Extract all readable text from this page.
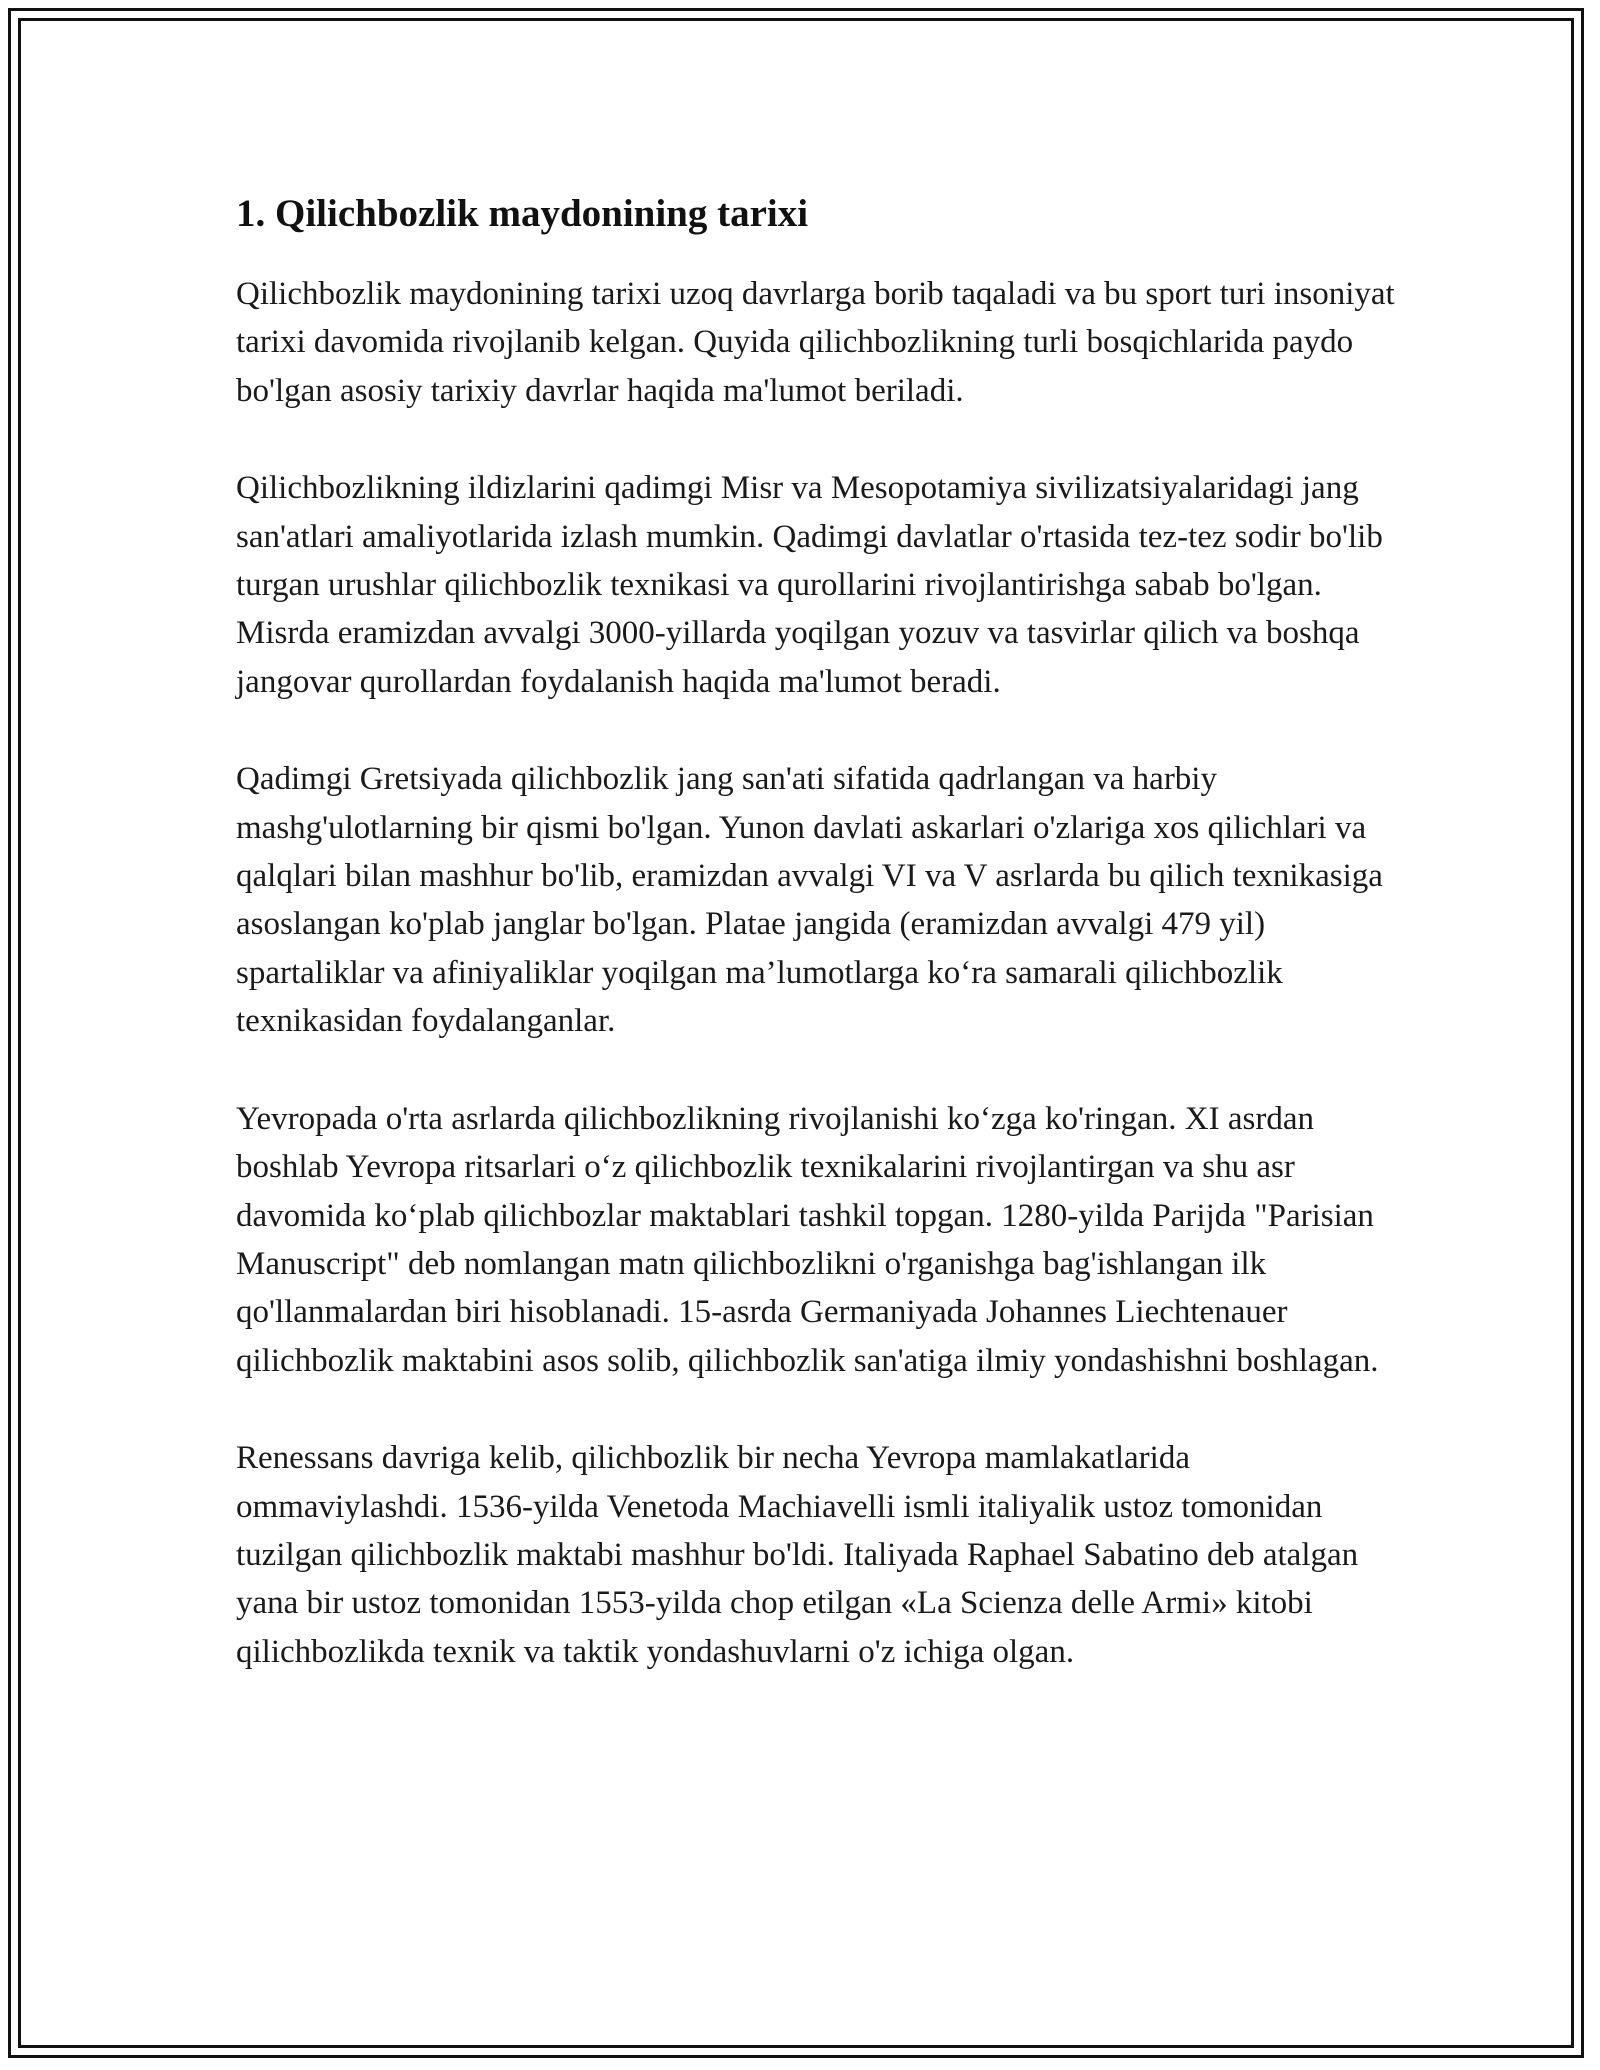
1. Qilichbozlik maydonining tarixi

Qilichbozlik maydonining tarixi uzoq davrlarga borib taqaladi va bu sport turi insoniyat tarixi davomida rivojlanib kelgan. Quyida qilichbozlikning turli bosqichlarida paydo bo'lgan asosiy tarixiy davrlar haqida ma'lumot beriladi.

Qilichbozlikning ildizlarini qadimgi Misr va Mesopotamiya sivilizatsiyalaridagi jang san'atlari amaliyotlarida izlash mumkin. Qadimgi davlatlar o'rtasida tez-tez sodir bo'lib turgan urushlar qilichbozlik texnikasi va qurollarini rivojlantirishga sabab bo'lgan. Misrda eramizdan avvalgi 3000-yillarda yoqilgan yozuv va tasvirlar qilich va boshqa jangovar qurollardan foydalanish haqida ma'lumot beradi.

Qadimgi Gretsiyada qilichbozlik jang san'ati sifatida qadrlangan va harbiy mashg'ulotlarning bir qismi bo'lgan. Yunon davlati askarlari o'zlariga xos qilichlari va qalqlari bilan mashhur bo'lib, eramizdan avvalgi VI va V asrlarda bu qilich texnikasiga asoslangan ko'plab janglar bo'lgan. Platae jangida (eramizdan avvalgi 479 yil) spartaliklar va afiniyaliklar yoqilgan ma’lumotlarga ko‘ra samarali qilichbozlik texnikasidan foydalanganlar.

Yevropada o'rta asrlarda qilichbozlikning rivojlanishi ko‘zga ko'ringan. XI asrdan boshlab Yevropa ritsarlari o‘z qilichbozlik texnikalarini rivojlantirgan va shu asr davomida ko‘plab qilichbozlar maktablari tashkil topgan. 1280-yilda Parijda "Parisian Manuscript" deb nomlangan matn qilichbozlikni o'rganishga bag'ishlangan ilk qo'llanmalardan biri hisoblanadi. 15-asrda Germaniyada Johannes Liechtenauer qilichbozlik maktabini asos solib, qilichbozlik san'atiga ilmiy yondashishni boshlagan.

Renessans davriga kelib, qilichbozlik bir necha Yevropa mamlakatlarida ommaviylashdi. 1536-yilda Venetoda Machiavelli ismli italiyalik ustoz tomonidan tuzilgan qilichbozlik maktabi mashhur bo'ldi. Italiyada Raphael Sabatino deb atalgan yana bir ustoz tomonidan 1553-yilda chop etilgan «La Scienza delle Armi» kitobi qilichbozlikda texnik va taktik yondashuvlarni o'z ichiga olgan.
